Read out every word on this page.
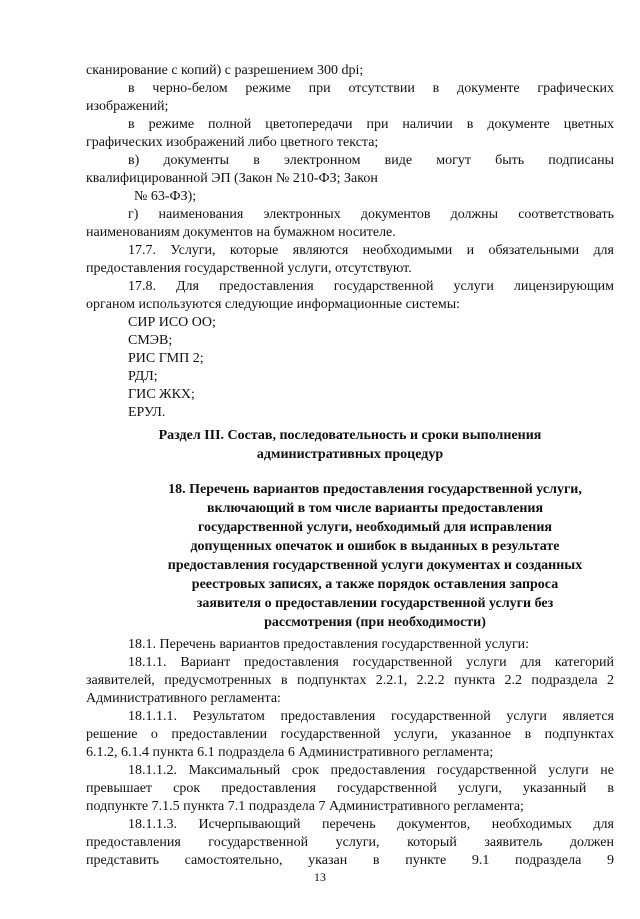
сканирование с копий) с разрешением 300 dpi;
в черно-белом режиме при отсутствии в документе графических
изображений;
в режиме полной цветопередачи при наличии в документе цветных
графических изображений либо цветного текста;
в) документы в электронном виде могут быть подписаны
квалифицированной ЭП (Закон № 210-ФЗ; Закон
№ 63-ФЗ);
г) наименования электронных документов должны соответствовать
наименованиям документов на бумажном носителе.
17.7. Услуги, которые являются необходимыми и обязательными для
предоставления государственной услуги, отсутствуют.
17.8. Для предоставления государственной услуги лицензирующим
органом используются следующие информационные системы:
СИР ИСО ОО;
СМЭВ;
РИС ГМП 2;
РДЛ;
ГИС ЖКХ;
ЕРУЛ.
Раздел III. Состав, последовательность и сроки выполнения
административных процедур
18. Перечень вариантов предоставления государственной услуги,
включающий в том числе варианты предоставления
государственной услуги, необходимый для исправления
допущенных опечаток и ошибок в выданных в результате
предоставления государственной услуги документах и созданных
реестровых записях, а также порядок оставления запроса
заявителя о предоставлении государственной услуги без
рассмотрения (при необходимости)
18.1. Перечень вариантов предоставления государственной услуги:
18.1.1. Вариант предоставления государственной услуги для категорий
заявителей, предусмотренных в подпунктах 2.2.1, 2.2.2 пункта 2.2 подраздела 2
Административного регламента:
18.1.1.1. Результатом предоставления государственной услуги является
решение о предоставлении государственной услуги, указанное в подпунктах
6.1.2, 6.1.4 пункта 6.1 подраздела 6 Административного регламента;
18.1.1.2. Максимальный срок предоставления государственной услуги не
превышает срок предоставления государственной услуги, указанный в
подпункте 7.1.5 пункта 7.1 подраздела 7 Административного регламента;
18.1.1.3. Исчерпывающий перечень документов, необходимых для
предоставления государственной услуги, который заявитель должен
представить самостоятельно, указан в пункте 9.1 подраздела 9
13
